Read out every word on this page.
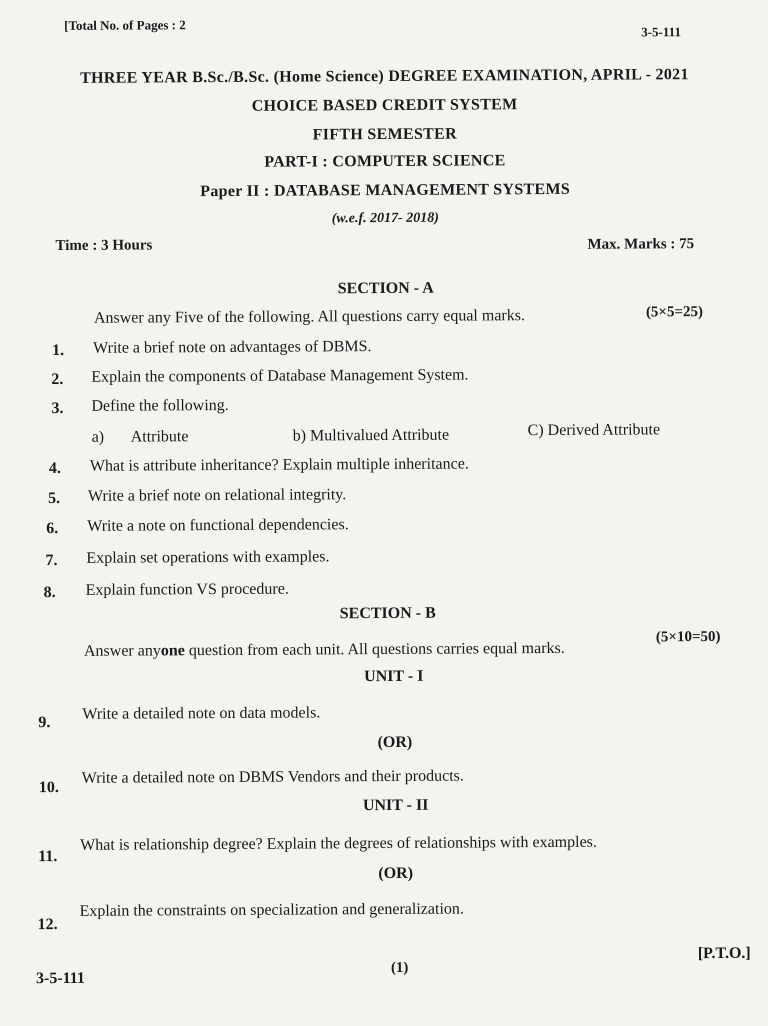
[Total No. of Pages : 2	3-5-111
THREE YEAR B.Sc./B.Sc. (Home Science) DEGREE EXAMINATION, APRIL - 2021
CHOICE BASED CREDIT SYSTEM
FIFTH SEMESTER
PART-I : COMPUTER SCIENCE
Paper II : DATABASE MANAGEMENT SYSTEMS
(w.e.f. 2017- 2018)
Time : 3 Hours	Max. Marks : 75
SECTION - A
Answer any Five of the following. All questions carry equal marks.	(5×5=25)
1. Write a brief note on advantages of DBMS.
2. Explain the components of Database Management System.
3. Define the following.
a) Attribute	b) Multivalued Attribute	C) Derived Attribute
4. What is attribute inheritance? Explain multiple inheritance.
5. Write a brief note on relational integrity.
6. Write a note on functional dependencies.
7. Explain set operations with examples.
8. Explain function VS procedure.
SECTION - B
Answer anyone question from each unit. All questions carries equal marks.
(5×10=50)
UNIT - I
9. Write a detailed note on data models.
(OR)
10.
Write a detailed note on DBMS Vendors and their products.
UNIT - II
11.
What is relationship degree? Explain the degrees of relationships with examples.
(OR)
12.
Explain the constraints on specialization and generalization.
3-5-111
(1)
[P.T.O.]
